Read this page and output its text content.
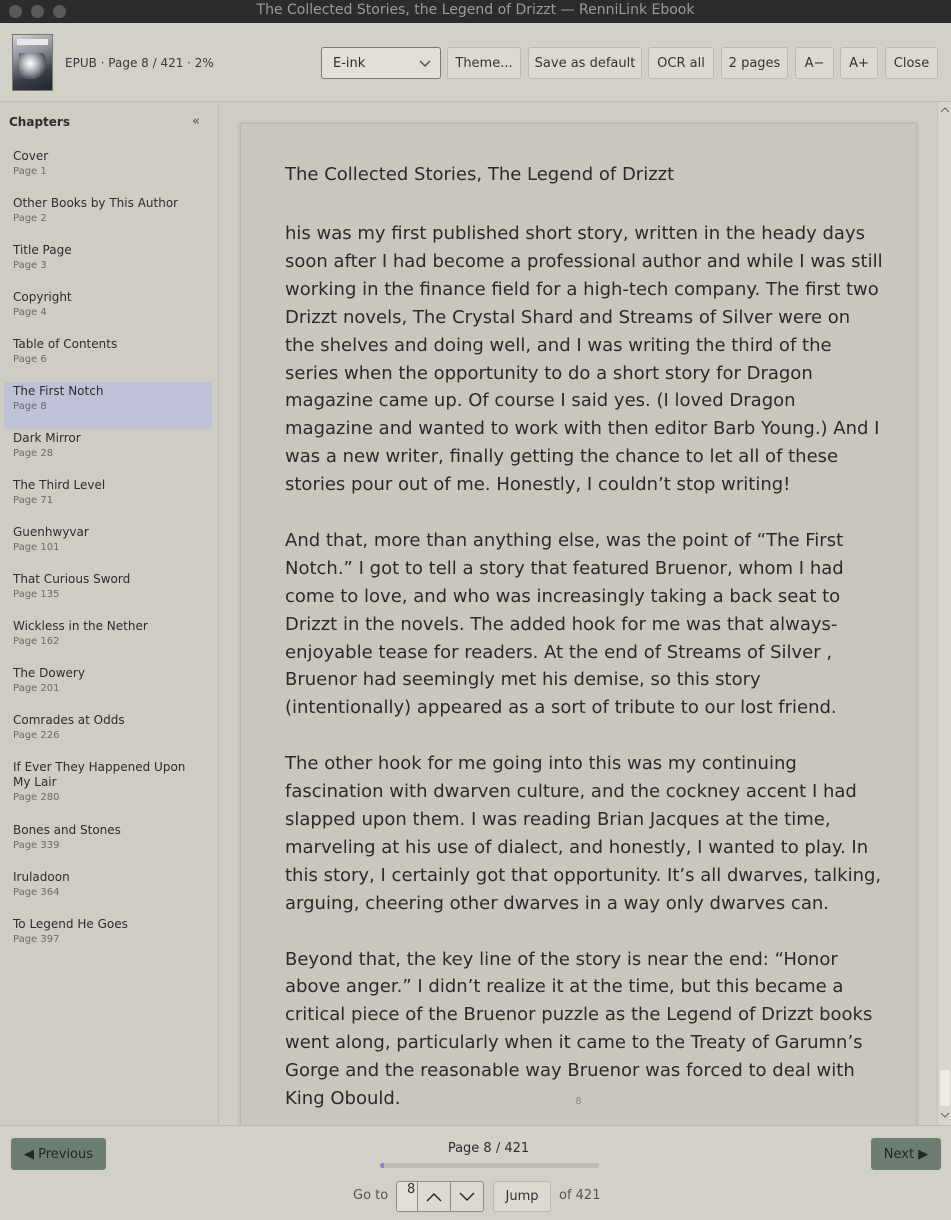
The Collected Stories, the Legend of Drizzt — RenniLink Ebook
EPUB · Page 8 / 421 · 2%	E-ink	Theme...	Save as default	OCR all	2 pages	A−	A+	Close
Chapters	«
Cover
Page 1
Other Books by This Author
Page 2
Title Page
Page 3
Copyright
Page 4
Table of Contents
Page 6
The First Notch
Page 8
Dark Mirror
Page 28
The Third Level
Page 71
Guenhwyvar
Page 101
That Curious Sword
Page 135
Wickless in the Nether
Page 162
The Dowery
Page 201
Comrades at Odds
Page 226
If Ever They Happened Upon My Lair
Page 280
Bones and Stones
Page 339
Iruladoon
Page 364
To Legend He Goes
Page 397
The Collected Stories, The Legend of Drizzt

his was my first published short story, written in the heady days soon after I had become a professional author and while I was still working in the finance field for a high-tech company. The first two Drizzt novels, The Crystal Shard and Streams of Silver were on the shelves and doing well, and I was writing the third of the series when the opportunity to do a short story for Dragon magazine came up. Of course I said yes. (I loved Dragon magazine and wanted to work with then editor Barb Young.) And I was a new writer, finally getting the chance to let all of these stories pour out of me. Honestly, I couldn’t stop writing!

And that, more than anything else, was the point of “The First Notch.” I got to tell a story that featured Bruenor, whom I had come to love, and who was increasingly taking a back seat to Drizzt in the novels. The added hook for me was that always-enjoyable tease for readers. At the end of Streams of Silver , Bruenor had seemingly met his demise, so this story (intentionally) appeared as a sort of tribute to our lost friend.

The other hook for me going into this was my continuing fascination with dwarven culture, and the cockney accent I had slapped upon them. I was reading Brian Jacques at the time, marveling at his use of dialect, and honestly, I wanted to play. In this story, I certainly got that opportunity. It’s all dwarves, talking, arguing, cheering other dwarves in a way only dwarves can.

Beyond that, the key line of the story is near the end: “Honor above anger.” I didn’t realize it at the time, but this became a critical piece of the Bruenor puzzle as the Legend of Drizzt books went along, particularly when it came to the Treaty of Garumn’s Gorge and the reasonable way Bruenor was forced to deal with King Obould.	8
◀ Previous	Page 8 / 421	Next ▶
Go to	8	Jump	of 421
